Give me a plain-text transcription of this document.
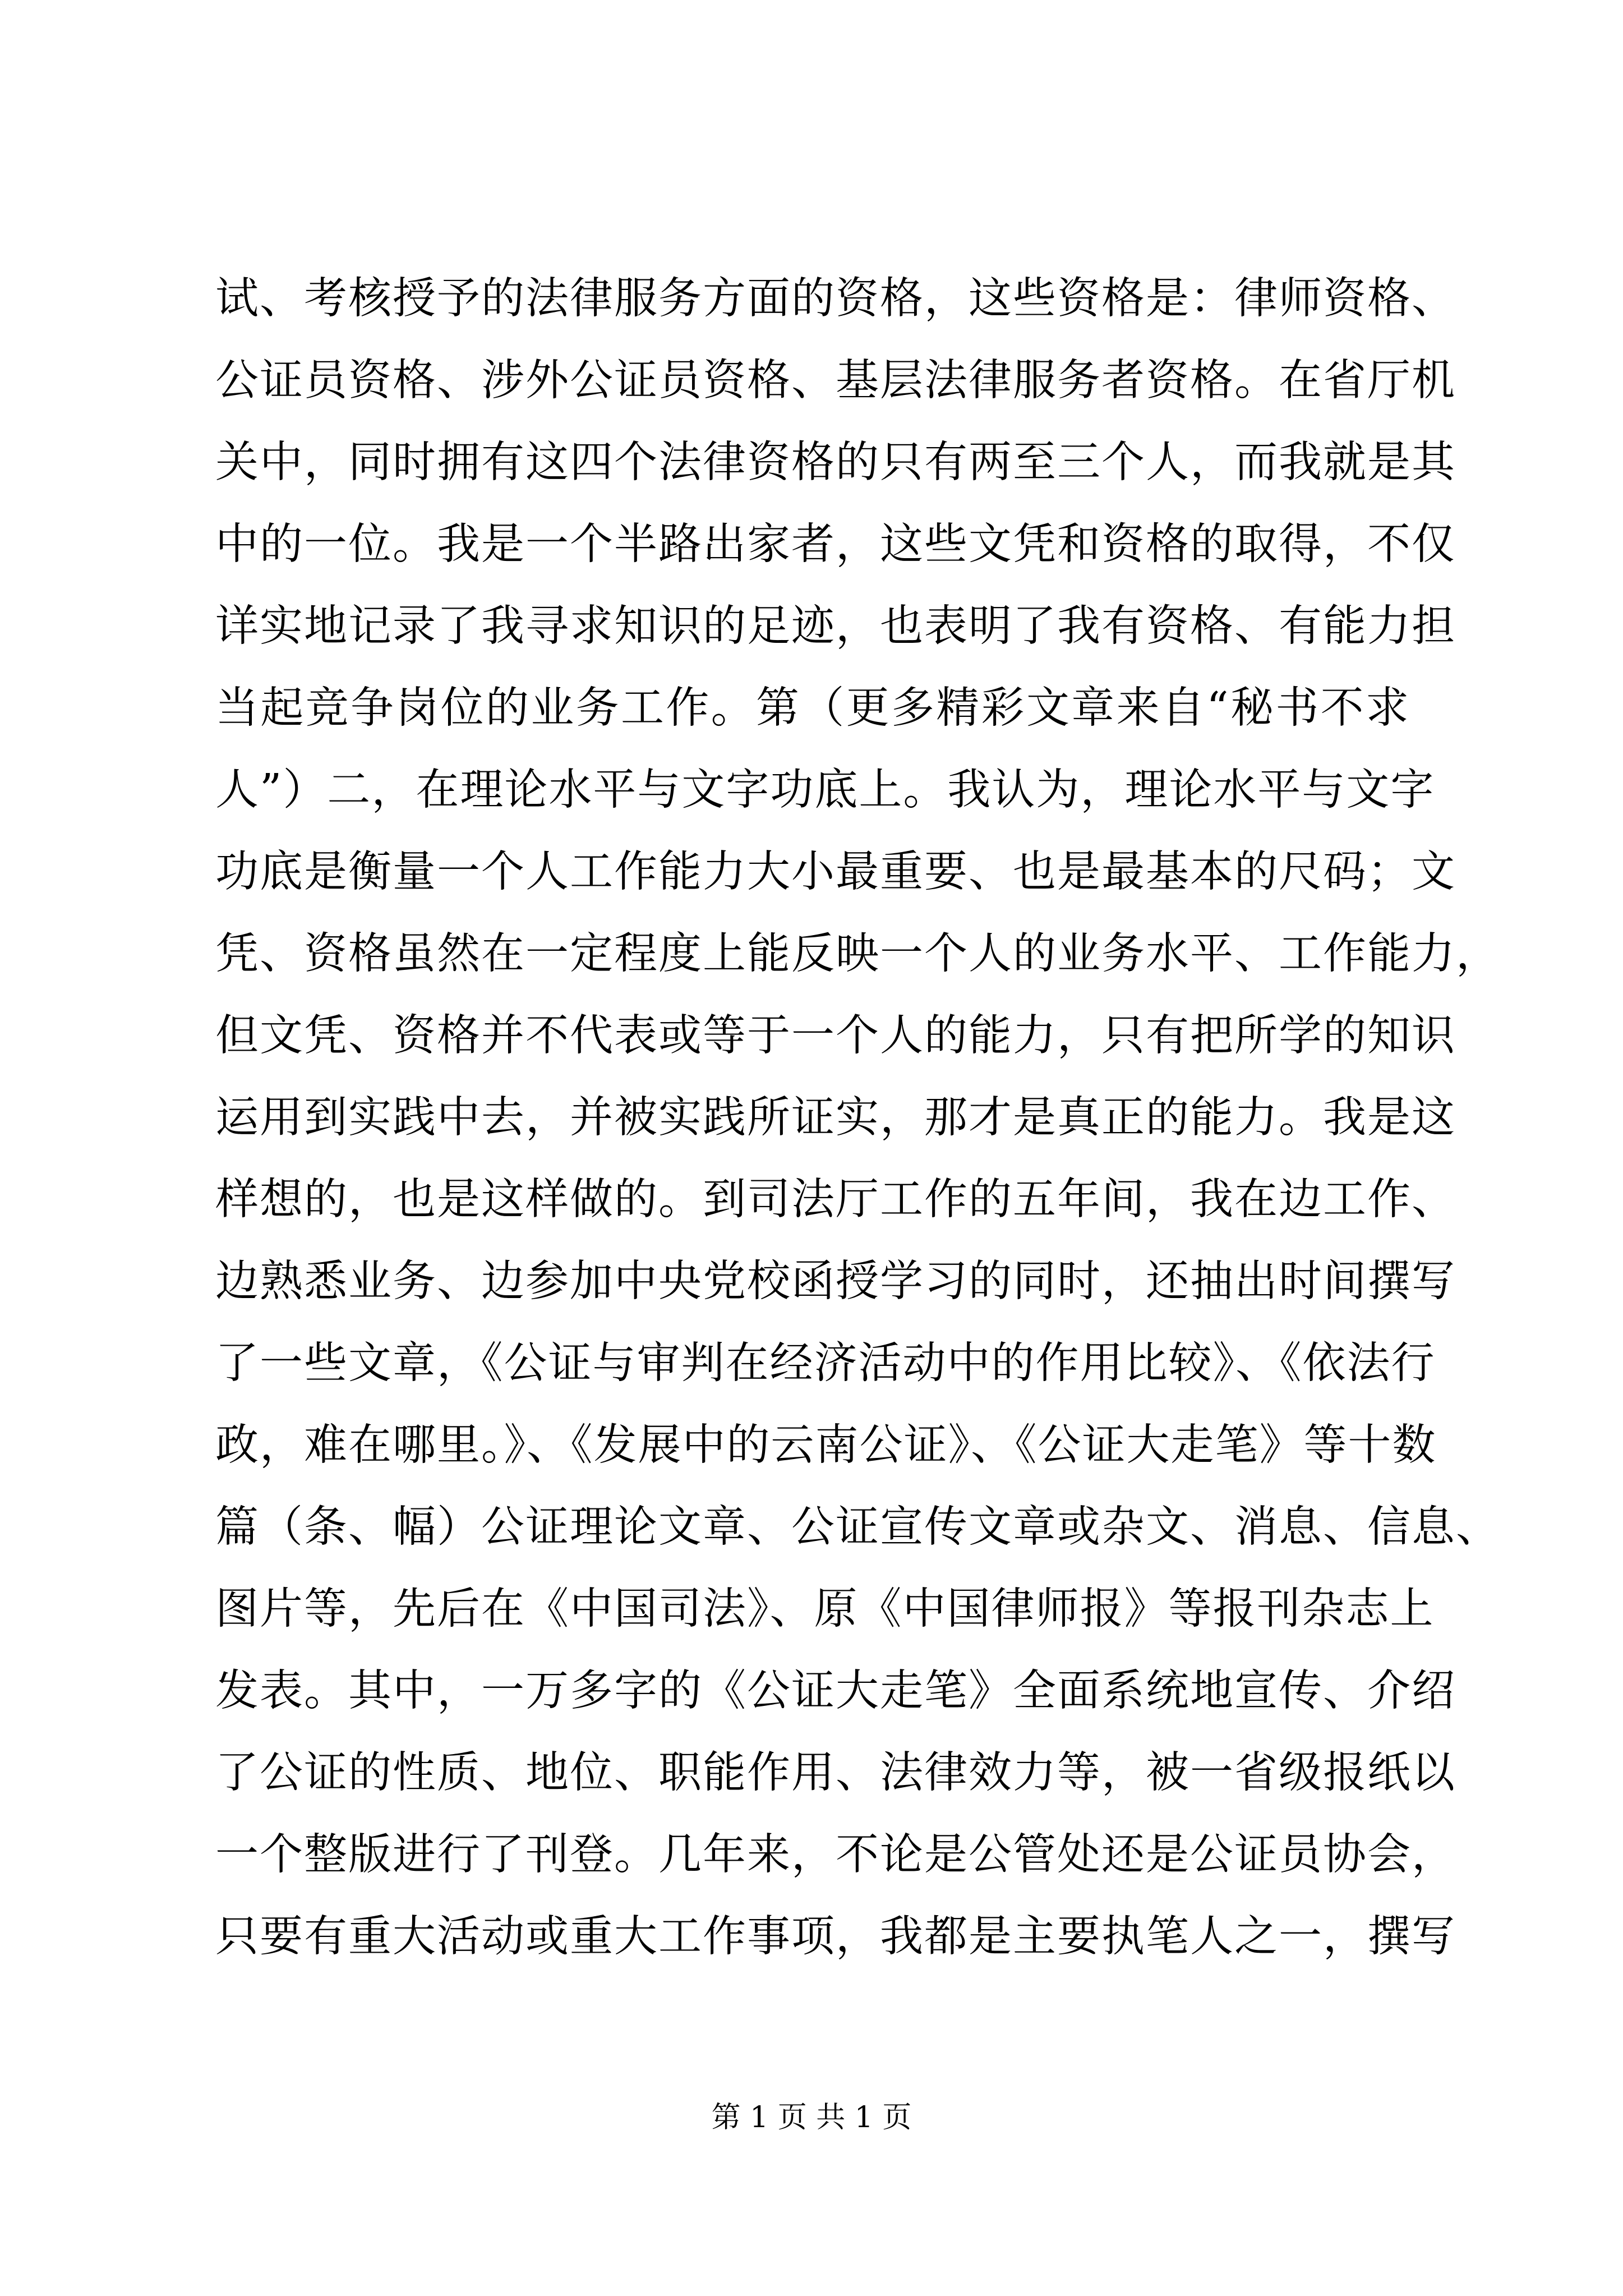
试、考核授予的法律服务方面的资格，这些资格是：律师资格、
公证员资格、涉外公证员资格、基层法律服务者资格。在省厅机
关中，同时拥有这四个法律资格的只有两至三个人，而我就是其
中的一位。我是一个半路出家者，这些文凭和资格的取得，不仅
详实地记录了我寻求知识的足迹，也表明了我有资格、有能力担
当起竞争岗位的业务工作。第（更多精彩文章来自“秘书不求
人”）二，在理论水平与文字功底上。我认为，理论水平与文字
功底是衡量一个人工作能力大小最重要、也是最基本的尺码；文
凭、资格虽然在一定程度上能反映一个人的业务水平、工作能力，
但文凭、资格并不代表或等于一个人的能力，只有把所学的知识
运用到实践中去，并被实践所证实，那才是真正的能力。我是这
样想的，也是这样做的。到司法厅工作的五年间，我在边工作、
边熟悉业务、边参加中央党校函授学习的同时，还抽出时间撰写
了一些文章，《公证与审判在经济活动中的作用比较》、《依法行
政，难在哪里。》、《发展中的云南公证》、《公证大走笔》等十数
篇（条、幅）公证理论文章、公证宣传文章或杂文、消息、信息、
图片等，先后在《中国司法》、原《中国律师报》等报刊杂志上
发表。其中，一万多字的《公证大走笔》全面系统地宣传、介绍
了公证的性质、地位、职能作用、法律效力等，被一省级报纸以
一个整版进行了刊登。几年来，不论是公管处还是公证员协会，
只要有重大活动或重大工作事项，我都是主要执笔人之一，撰写
第 1 页 共 1 页
